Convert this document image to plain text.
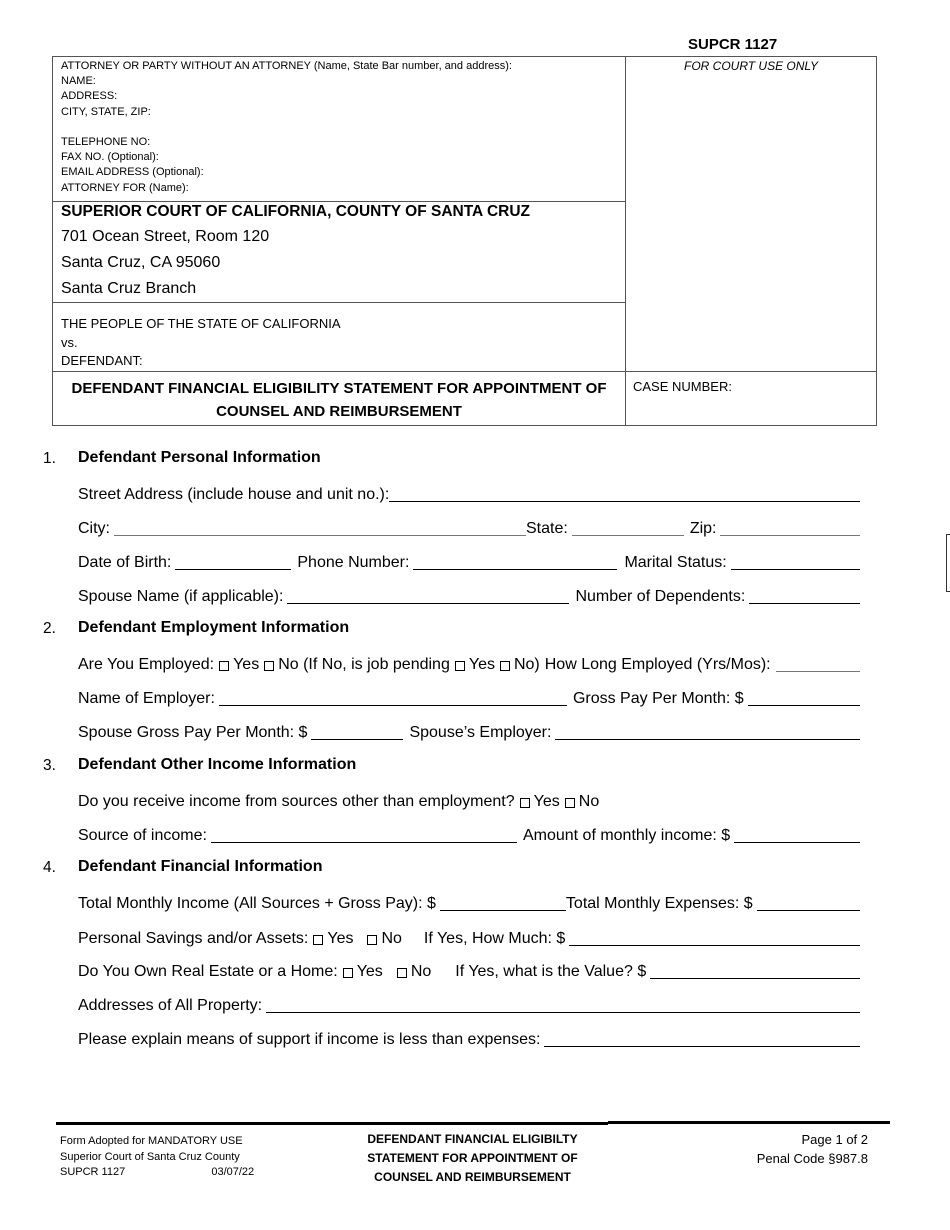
SUPCR 1127
FOR COURT USE ONLY
ATTORNEY OR PARTY WITHOUT AN ATTORNEY (Name, State Bar number, and address):
NAME:
ADDRESS:
CITY, STATE, ZIP:
TELEPHONE NO:
FAX NO. (Optional):
EMAIL ADDRESS (Optional):
ATTORNEY FOR (Name):
SUPERIOR COURT OF CALIFORNIA, COUNTY OF SANTA CRUZ
701 Ocean Street, Room 120
Santa Cruz, CA 95060
Santa Cruz Branch
THE PEOPLE OF THE STATE OF CALIFORNIA
vs.
DEFENDANT:
DEFENDANT FINANCIAL ELIGIBILITY STATEMENT FOR APPOINTMENT OF
COUNSEL AND REIMBURSEMENT
CASE NUMBER:
1. Defendant Personal Information
Street Address (include house and unit no.):
City:	State:	Zip:
Date of Birth:	Phone Number:	Marital Status:
Spouse Name (if applicable):	Number of Dependents:
2. Defendant Employment Information
Are You Employed: Yes No (If No, is job pending Yes No) How Long Employed (Yrs/Mos):
Name of Employer:	Gross Pay Per Month: $
Spouse Gross Pay Per Month: $	Spouse’s Employer:
3. Defendant Other Income Information
Do you receive income from sources other than employment? Yes No
Source of income:	Amount of monthly income: $
4. Defendant Financial Information
Total Monthly Income (All Sources + Gross Pay): $	Total Monthly Expenses: $
Personal Savings and/or Assets: Yes No If Yes, How Much: $
Do You Own Real Estate or a Home: Yes No If Yes, what is the Value? $
Addresses of All Property:
Please explain means of support if income is less than expenses:
Form Adopted for MANDATORY USE
Superior Court of Santa Cruz County
SUPCR 1127	03/07/22
DEFENDANT FINANCIAL ELIGIBILTY
STATEMENT FOR APPOINTMENT OF
COUNSEL AND REIMBURSEMENT
Page 1 of 2
Penal Code §987.8
